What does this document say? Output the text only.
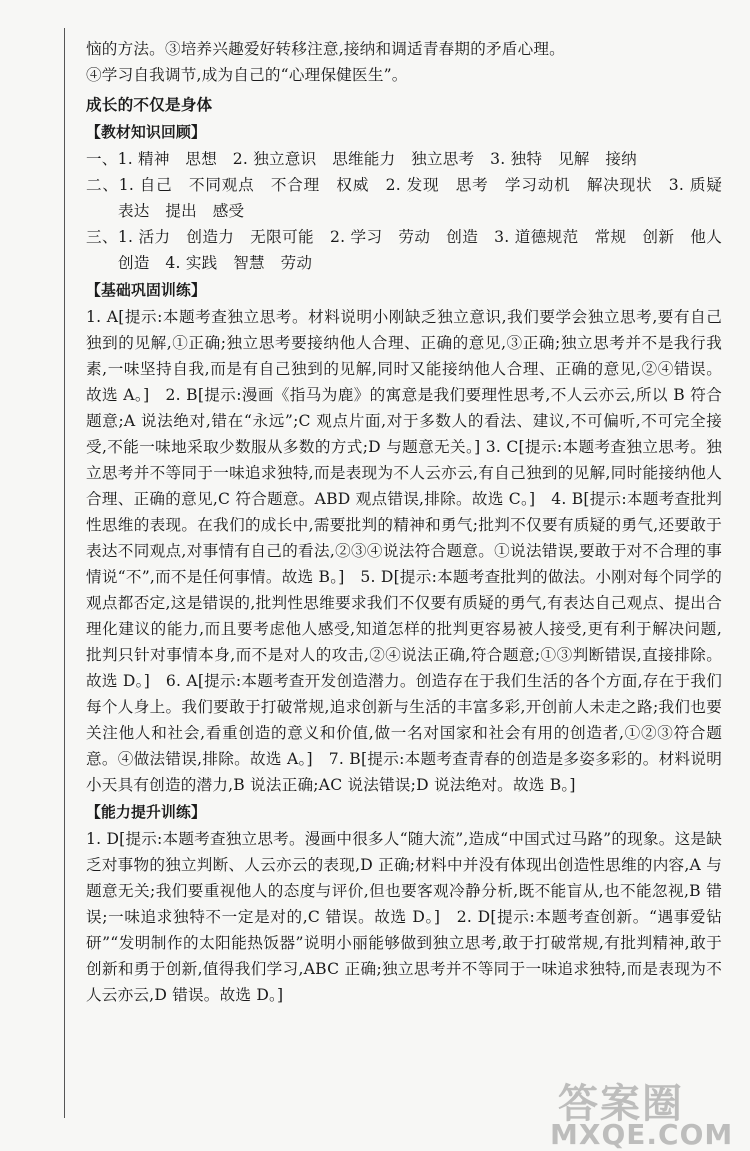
恼的方法。③培养兴趣爱好转移注意,接纳和调适青春期的矛盾心理。

④学习自我调节,成为自己的“心理保健医生”。

成长的不仅是身体

【教材知识回顾】

一、1. 精神　思想　2. 独立意识　思维能力　独立思考　3. 独特　见解　接纳

二、1. 自己　不同观点　不合理　权威　2. 发现　思考　学习动机　解决现状　3. 质疑　表达　提出　感受

三、1. 活力　创造力　无限可能　2. 学习　劳动　创造　3. 道德规范　常规　创新　他人　创造　4. 实践　智慧　劳动

【基础巩固训练】

1. A[提示:本题考查独立思考。材料说明小刚缺乏独立意识,我们要学会独立思考,要有自己独到的见解,①正确;独立思考要接纳他人合理、正确的意见,③正确;独立思考并不是我行我素,一味坚持自我,而是有自己独到的见解,同时又能接纳他人合理、正确的意见,②④错误。故选 A。]　2. B[提示:漫画《指马为鹿》的寓意是我们要理性思考,不人云亦云,所以 B 符合题意;A 说法绝对,错在“永远”;C 观点片面,对于多数人的看法、建议,不可偏听,不可完全接受,不能一味地采取少数服从多数的方式;D 与题意无关。] 3. C[提示:本题考查独立思考。独立思考并不等同于一味追求独特,而是表现为不人云亦云,有自己独到的见解,同时能接纳他人合理、正确的意见,C 符合题意。ABD 观点错误,排除。故选 C。]　4. B[提示:本题考查批判性思维的表现。在我们的成长中,需要批判的精神和勇气;批判不仅要有质疑的勇气,还要敢于表达不同观点,对事情有自己的看法,②③④说法符合题意。①说法错误,要敢于对不合理的事情说“不”,而不是任何事情。故选 B。]　5. D[提示:本题考查批判的做法。小刚对每个同学的观点都否定,这是错误的,批判性思维要求我们不仅要有质疑的勇气,有表达自己观点、提出合理化建议的能力,而且要考虑他人感受,知道怎样的批判更容易被人接受,更有利于解决问题,批判只针对事情本身,而不是对人的攻击,②④说法正确,符合题意;①③判断错误,直接排除。故选 D。]　6. A[提示:本题考查开发创造潜力。创造存在于我们生活的各个方面,存在于我们每个人身上。我们要敢于打破常规,追求创新与生活的丰富多彩,开创前人未走之路;我们也要关注他人和社会,看重创造的意义和价值,做一名对国家和社会有用的创造者,①②③符合题意。④做法错误,排除。故选 A。]　7. B[提示:本题考查青春的创造是多姿多彩的。材料说明小天具有创造的潜力,B 说法正确;AC 说法错误;D 说法绝对。故选 B。]

【能力提升训练】

1. D[提示:本题考查独立思考。漫画中很多人“随大流”,造成“中国式过马路”的现象。这是缺乏对事物的独立判断、人云亦云的表现,D 正确;材料中并没有体现出创造性思维的内容,A 与题意无关;我们要重视他人的态度与评价,但也要客观冷静分析,既不能盲从,也不能忽视,B 错误;一味追求独特不一定是对的,C 错误。故选 D。]　2. D[提示:本题考查创新。“遇事爱钻研”“发明制作的太阳能热饭器”说明小丽能够做到独立思考,敢于打破常规,有批判精神,敢于创新和勇于创新,值得我们学习,ABC 正确;独立思考并不等同于一味追求独特,而是表现为不人云亦云,D 错误。故选 D。]

答案圈
MXQE.COM
